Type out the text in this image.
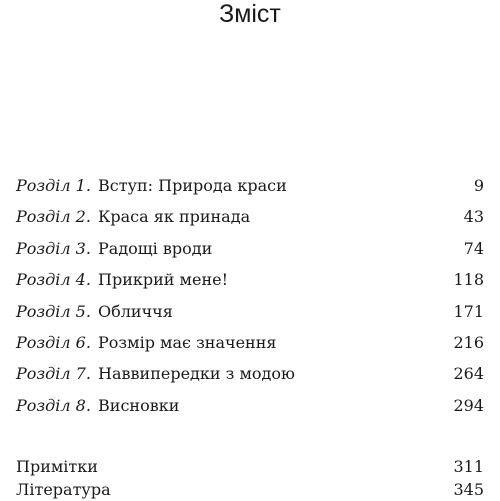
Зміст
Розділ 1. Вступ: Природа краси	9
Розділ 2. Краса як принада	43
Розділ 3. Радощі вроди	74
Розділ 4. Прикрий мене!	118
Розділ 5. Обличчя	171
Розділ 6. Розмір має значення	216
Розділ 7. Наввипередки з модою	264
Розділ 8. Висновки	294
Примітки	311
Література	345
